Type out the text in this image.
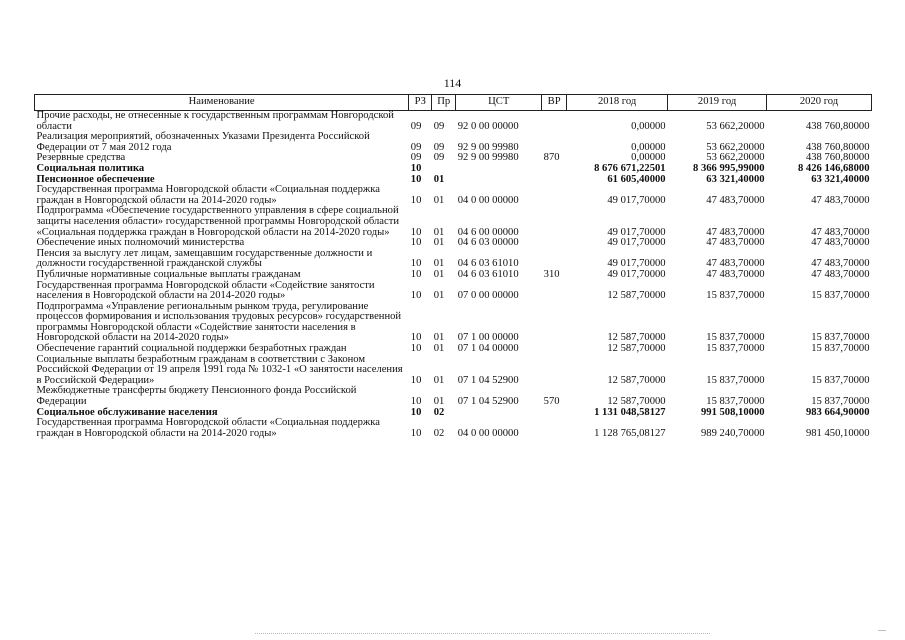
114
Наименование	РЗ	Пр	ЦСТ	ВР	2018 год	2019 год	2020 год
Прочие расходы, не отнесенные к государственным программам Новгородской области	09	09	92 0 00 00000		0,00000	53 662,20000	438 760,80000
Реализация мероприятий, обозначенных Указами Президента Российской Федерации от 7 мая 2012 года	09	09	92 9 00 99980		0,00000	53 662,20000	438 760,80000
Резервные средства	09	09	92 9 00 99980	870	0,00000	53 662,20000	438 760,80000
Социальная политика	10				8 676 671,22501	8 366 995,99000	8 426 146,68000
Пенсионное обеспечение	10	01			61 605,40000	63 321,40000	63 321,40000
Государственная программа Новгородской области «Социальная поддержка граждан в Новгородской области на 2014-2020 годы»	10	01	04 0 00 00000		49 017,70000	47 483,70000	47 483,70000
Подпрограмма «Обеспечение государственного управления в сфере социальной защиты населения области» государственной программы Новгородской области «Социальная поддержка граждан в Новгородской области на 2014-2020 годы»	10	01	04 6 00 00000		49 017,70000	47 483,70000	47 483,70000
Обеспечение иных полномочий министерства	10	01	04 6 03 00000		49 017,70000	47 483,70000	47 483,70000
Пенсия за выслугу лет лицам, замещавшим государственные должности и должности государственной гражданской службы	10	01	04 6 03 61010		49 017,70000	47 483,70000	47 483,70000
Публичные нормативные социальные выплаты гражданам	10	01	04 6 03 61010	310	49 017,70000	47 483,70000	47 483,70000
Государственная программа Новгородской области «Содействие занятости населения в Новгородской области на 2014-2020 годы»	10	01	07 0 00 00000		12 587,70000	15 837,70000	15 837,70000
Подпрограмма «Управление региональным рынком труда, регулирование процессов формирования и использования трудовых ресурсов» государственной программы Новгородской области «Содействие занятости населения в Новгородской области на 2014-2020 годы»	10	01	07 1 00 00000		12 587,70000	15 837,70000	15 837,70000
Обеспечение гарантий социальной поддержки безработных граждан	10	01	07 1 04 00000		12 587,70000	15 837,70000	15 837,70000
Социальные выплаты безработным гражданам в соответствии с Законом Российской Федерации от 19 апреля 1991 года № 1032-1 «О занятости населения в Российской Федерации»	10	01	07 1 04 52900		12 587,70000	15 837,70000	15 837,70000
Межбюджетные трансферты бюджету Пенсионного фонда Российской Федерации	10	01	07 1 04 52900	570	12 587,70000	15 837,70000	15 837,70000
Социальное обслуживание населения	10	02			1 131 048,58127	991 508,10000	983 664,90000
Государственная программа Новгородской области «Социальная поддержка граждан в Новгородской области на 2014-2020 годы»	10	02	04 0 00 00000		1 128 765,08127	989 240,70000	981 450,10000
